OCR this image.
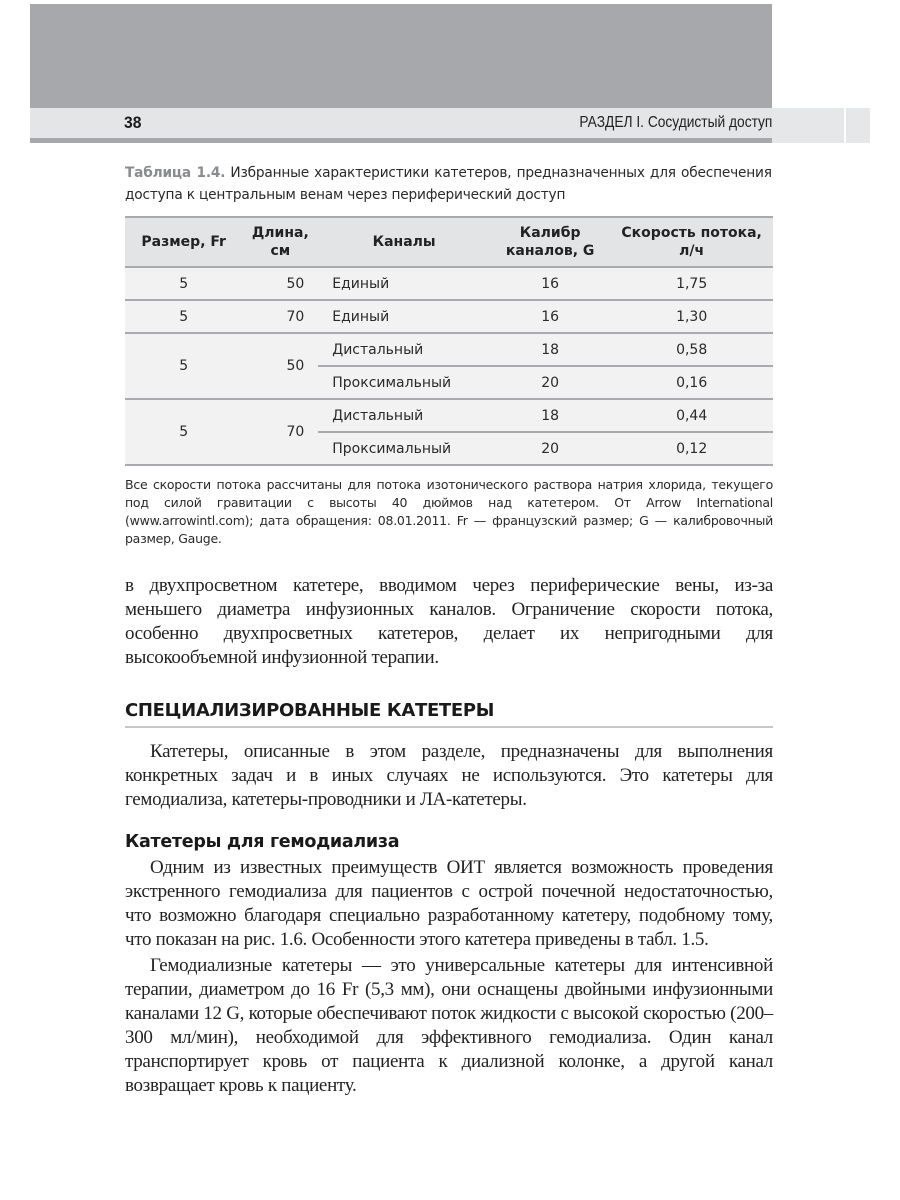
38	РАЗДЕЛ I. Сосудистый доступ
Таблица 1.4. Избранные характеристики катетеров, предназначенных для обеспечения доступа к центральным венам через периферический доступ
Размер, Fr	Длина, см	Каналы	Калибр каналов, G	Скорость потока, л/ч
5	50	Единый	16	1,75
5	70	Единый	16	1,30
5	50	Дистальный	18	0,58
		Проксимальный	20	0,16
5	70	Дистальный	18	0,44
		Проксимальный	20	0,12
Все скорости потока рассчитаны для потока изотонического раствора натрия хлорида, текущего под силой гравитации с высоты 40 дюймов над катетером. От Arrow International (www.arrowintl.com); дата обращения: 08.01.2011. Fr — французский размер; G — калибровочный размер, Gauge.

в двухпросветном катетере, вводимом через периферические вены, из-за меньшего диаметра инфузионных каналов. Ограничение скорости потока, особенно двухпросветных катетеров, делает их непригодными для высокообъемной инфузионной терапии.

СПЕЦИАЛИЗИРОВАННЫЕ КАТЕТЕРЫ

Катетеры, описанные в этом разделе, предназначены для выполнения конкретных задач и в иных случаях не используются. Это катетеры для гемодиализа, катетеры-проводники и ЛА-катетеры.

Катетеры для гемодиализа

Одним из известных преимуществ ОИТ является возможность проведения экстренного гемодиализа для пациентов с острой почечной недостаточностью, что возможно благодаря специально разработанному катетеру, подобному тому, что показан на рис. 1.6. Особенности этого катетера приведены в табл. 1.5.

Гемодиализные катетеры — это универсальные катетеры для интенсивной терапии, диаметром до 16 Fr (5,3 мм), они оснащены двойными инфузионными каналами 12 G, которые обеспечивают поток жидкости с высокой скоростью (200–300 мл/мин), необходимой для эффективного гемодиализа. Один канал транспортирует кровь от пациента к диализной колонке, а другой канал возвращает кровь к пациенту.
